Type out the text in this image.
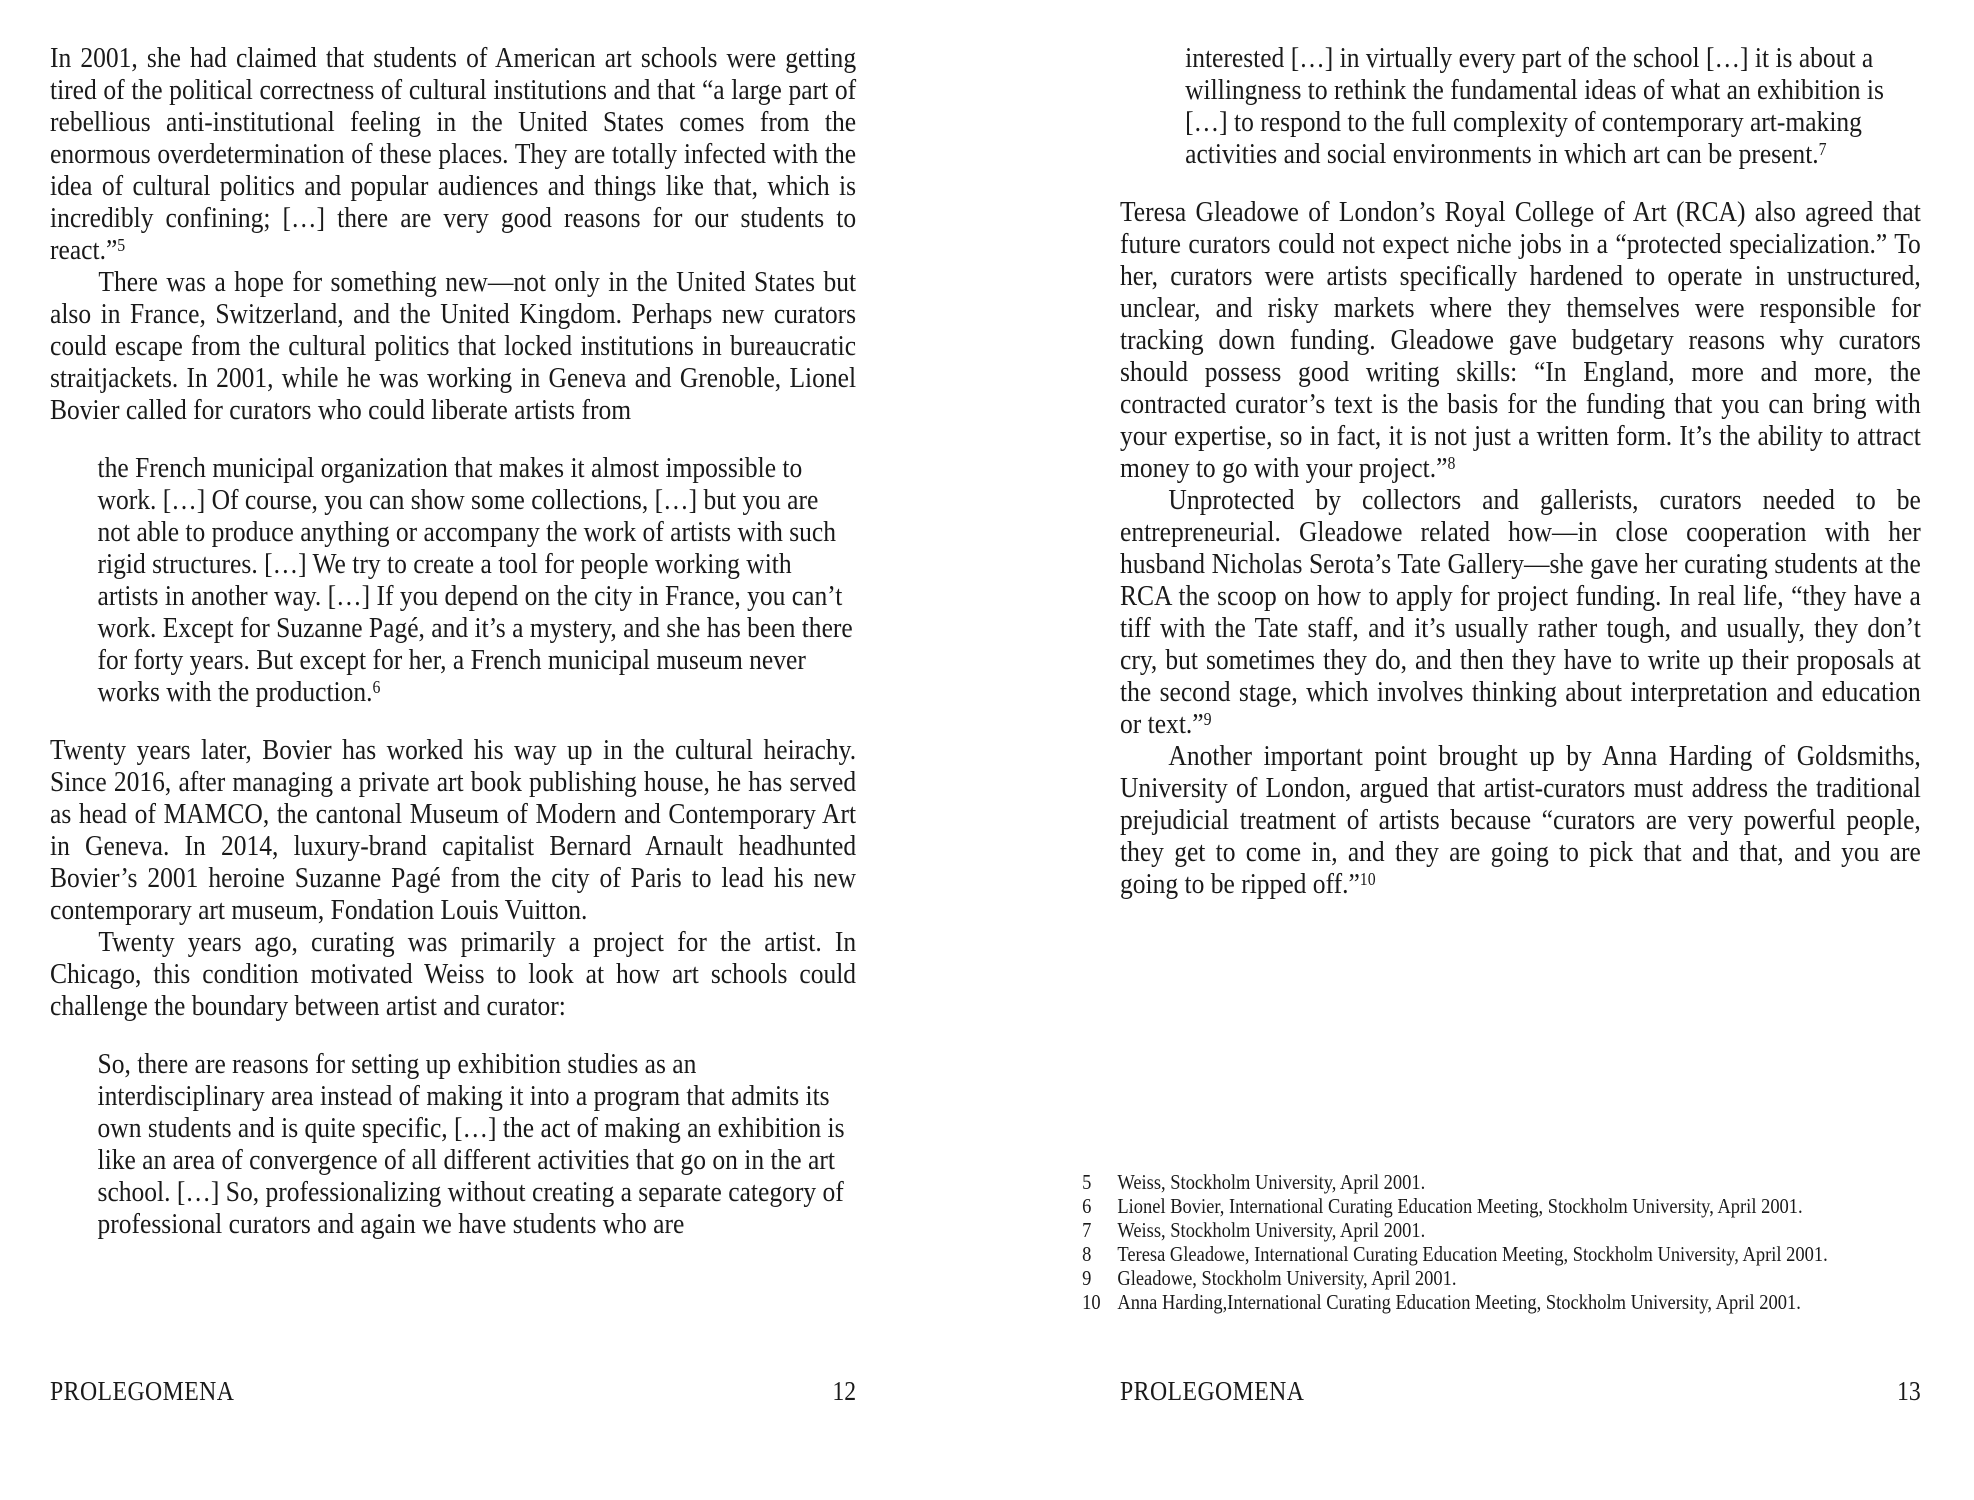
In 2001, she had claimed that students of American art schools were getting tired of the political correctness of cultural institutions and that “a large part of rebellious anti-institutional feeling in the United States comes from the enormous overdetermination of these places. They are totally infected with the idea of cultural politics and popular audiences and things like that, which is incredibly confining; […] there are very good reasons for our students to react.”$^5$

There was a hope for something new—not only in the United States but also in France, Switzerland, and the United Kingdom. Perhaps new curators could escape from the cultural politics that locked institutions in bureaucratic straitjackets. In 2001, while he was working in Geneva and Grenoble, Lionel Bovier called for curators who could liberate artists from

the French municipal organization that makes it almost impossible to work. […] Of course, you can show some collections, […] but you are not able to produce anything or accompany the work of artists with such rigid structures. […] We try to create a tool for people working with artists in another way. […] If you depend on the city in France, you can’t work. Except for Suzanne Pagé, and it’s a mystery, and she has been there for forty years. But except for her, a French municipal museum never works with the production.$^6$

Twenty years later, Bovier has worked his way up in the cultural heirachy. Since 2016, after managing a private art book publishing house, he has served as head of MAMCO, the cantonal Museum of Modern and Contemporary Art in Geneva. In 2014, luxury-brand capitalist Bernard Arnault headhunted Bovier’s 2001 heroine Suzanne Pagé from the city of Paris to lead his new contemporary art museum, Fondation Louis Vuitton.

Twenty years ago, curating was primarily a project for the artist. In Chicago, this condition motivated Weiss to look at how art schools could challenge the boundary between artist and curator:

So, there are reasons for setting up exhibition studies as an interdisciplinary area instead of making it into a program that admits its own students and is quite specific, […] the act of making an exhibition is like an area of convergence of all different activities that go on in the art school. […] So, professionalizing without creating a separate category of professional curators and again we have students who are
PROLEGOMENA	12
interested […] in virtually every part of the school […] it is about a willingness to rethink the fundamental ideas of what an exhibition is […] to respond to the full complexity of contemporary art-making activities and social environments in which art can be present.$^7$

Teresa Gleadowe of London’s Royal College of Art (RCA) also agreed that future curators could not expect niche jobs in a “protected specialization.” To her, curators were artists specifically hardened to operate in unstructured, unclear, and risky markets where they themselves were responsible for tracking down funding. Gleadowe gave budgetary reasons why curators should possess good writing skills: “In England, more and more, the contracted curator’s text is the basis for the funding that you can bring with your expertise, so in fact, it is not just a written form. It’s the ability to attract money to go with your project.”$^8$

Unprotected by collectors and gallerists, curators needed to be entrepreneurial. Gleadowe related how—in close cooperation with her husband Nicholas Serota’s Tate Gallery—she gave her curating students at the RCA the scoop on how to apply for project funding. In real life, “they have a tiff with the Tate staff, and it’s usually rather tough, and usually, they don’t cry, but sometimes they do, and then they have to write up their proposals at the second stage, which involves thinking about interpretation and education or text.”$^9$

Another important point brought up by Anna Harding of Goldsmiths, University of London, argued that artist-curators must address the traditional prejudicial treatment of artists because “curators are very powerful people, they get to come in, and they are going to pick that and that, and you are going to be ripped off.”$^{10}$

5	Weiss, Stockholm University, April 2001.
6	Lionel Bovier, International Curating Education Meeting, Stockholm University, April 2001.
7	Weiss, Stockholm University, April 2001.
8	Teresa Gleadowe, International Curating Education Meeting, Stockholm University, April 2001.
9	Gleadowe, Stockholm University, April 2001.
10 Anna Harding,International Curating Education Meeting, Stockholm University, April 2001.
PROLEGOMENA	13
